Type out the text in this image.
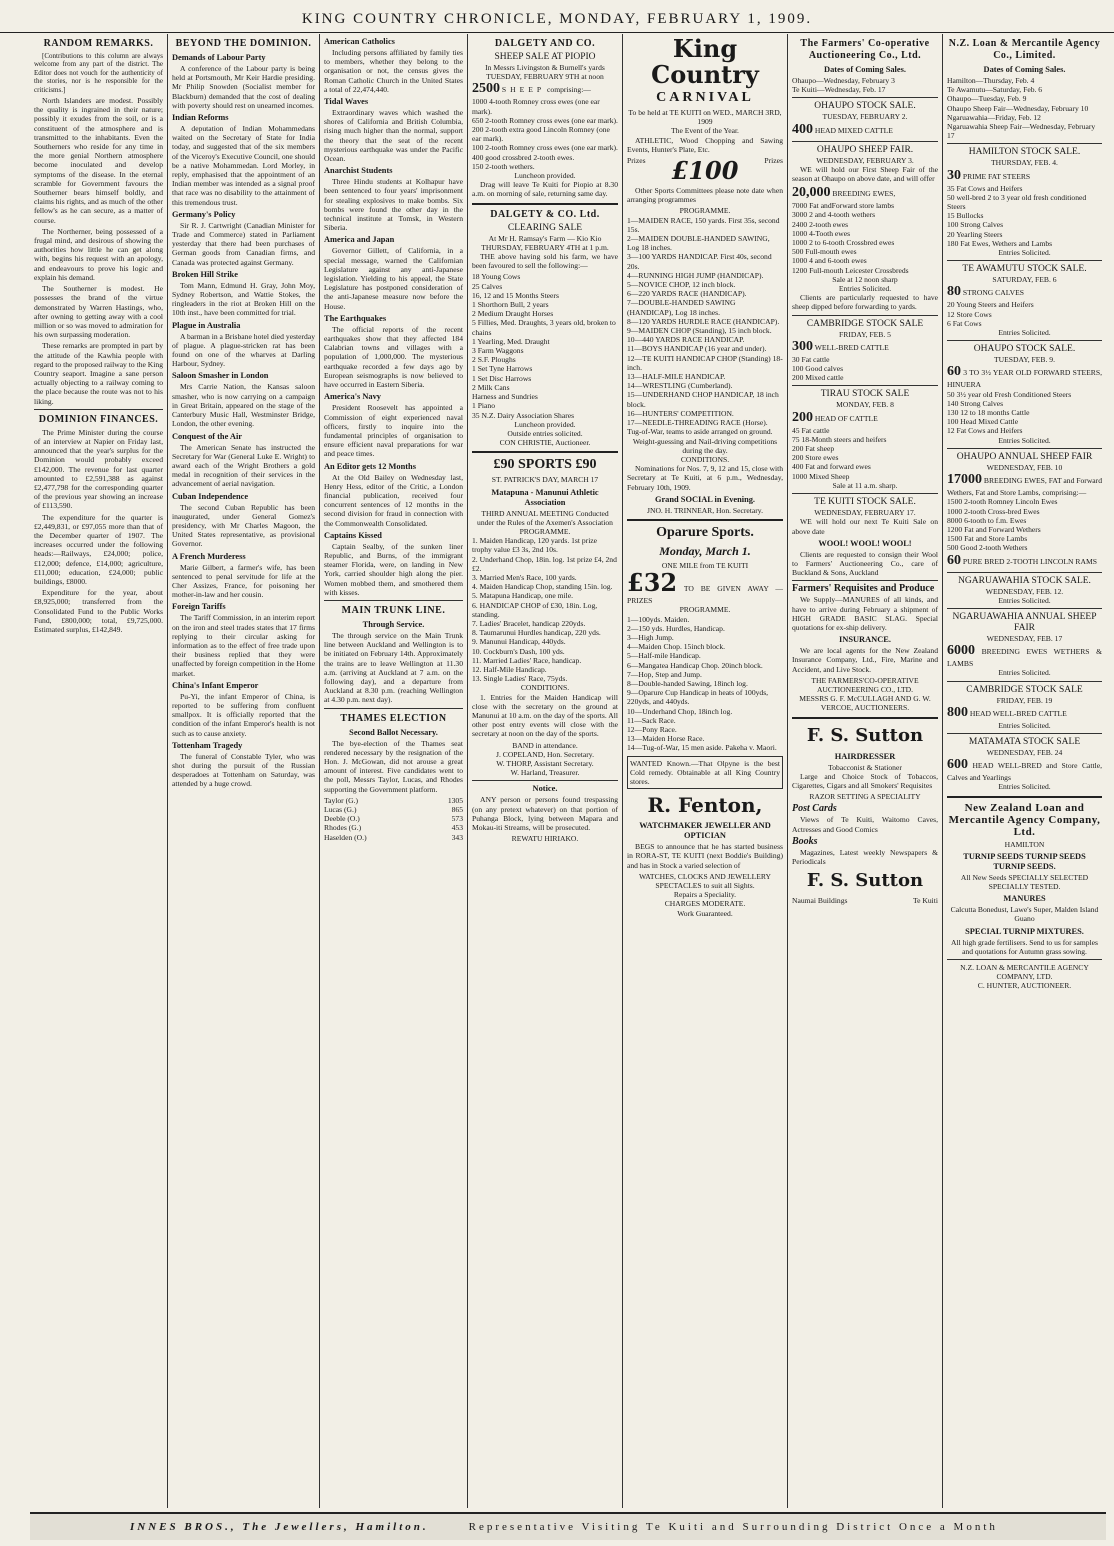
KING COUNTRY CHRONICLE, MONDAY, FEBRUARY 1, 1909.
RANDOM REMARKS.

[Contributions to this column are always welcome from any part of the district. The Editor does not vouch for the authenticity of the stories, nor is he responsible for the criticisms.]

North Islanders are modest. Possibly the quality is ingrained in their nature; possibly it exudes from the soil, or is a constituent of the atmosphere and is transmitted to the inhabitants. Even the Southerners who reside for any time in the more genial Northern atmosphere become inoculated and develop symptoms of the disease. In the eternal scramble for Government favours the Southerner bears himself boldly, and claims his rights, and as much of the other fellow's as he can secure, as a matter of course.

The Northerner, being possessed of a frugal mind, and desirous of showing the authorities how little he can get along with, begins his request with an apology, and endeavours to prove his logic and explain his demand.

The Southerner is modest. He possesses the brand of the virtue demonstrated by Warren Hastings, who, after owning to getting away with a cool million or so was moved to admiration for his own surpassing moderation.

These remarks are prompted in part by the attitude of the Kawhia people with regard to the proposed railway to the King Country seaport. Imagine a sane person actually objecting to a railway coming to the place because the route was not to his liking.

DOMINION FINANCES.

The Prime Minister during the course of an interview at Napier on Friday last, announced that the year's surplus for the Dominion would probably exceed £142,000. The revenue for last quarter amounted to £2,591,388 as against £2,477,798 for the corresponding quarter of the previous year showing an increase of £113,590.

The expenditure for the quarter is £2,449,831, or £97,055 more than that of the December quarter of 1907. The increases occurred under the following heads:—Railways, £24,000; police, £12,000; defence, £14,000; agriculture, £11,000; education, £24,000; public buildings, £8000.

Expenditure for the year, about £8,925,000; transferred from the Consolidated Fund to the Public Works Fund, £800,000; total, £9,725,000. Estimated surplus, £142,849.

BEYOND THE DOMINION.
Demands of Labour Party

A conference of the Labour party is being held at Portsmouth, Mr Keir Hardie presiding. Mr Philip Snowden (Socialist member for Blackburn) demanded that the cost of dealing with poverty should rest on unearned incomes.

Indian Reforms

A deputation of Indian Mohammedans waited on the Secretary of State for India today, and suggested that of the six members of the Viceroy's Executive Council, one should be a native Mohammedan. Lord Morley, in reply, emphasised that the appointment of an Indian member was intended as a signal proof that race was no disability to the attainment of this tremendous trust.

Germany's Policy

Sir R. J. Cartwright (Canadian Minister for Trade and Commerce) stated in Parliament yesterday that there had been purchases of German goods from Canadian firms, and Canada was protected against Germany.

Broken Hill Strike

Tom Mann, Edmund H. Gray, John Moy, Sydney Robertson, and Wattie Stokes, the ringleaders in the riot at Broken Hill on the 10th inst., have been committed for trial.

Plague in Australia

A barman in a Brisbane hotel died yesterday of plague. A plague-stricken rat has been found on one of the wharves at Darling Harbour, Sydney.

Saloon Smasher in London

Mrs Carrie Nation, the Kansas saloon smasher, who is now carrying on a campaign in Great Britain, appeared on the stage of the Canterbury Music Hall, Westminster Bridge, London, the other evening.

Conquest of the Air

The American Senate has instructed the Secretary for War (General Luke E. Wright) to award each of the Wright Brothers a gold medal in recognition of their services in the advancement of aerial navigation.

Cuban Independence

The second Cuban Republic has been inaugurated, under General Gomez's presidency, with Mr Charles Magoon, the United States representative, as provisional Governor.

A French Murderess

Marie Gilbert, a farmer's wife, has been sentenced to penal servitude for life at the Cher Assizes, France, for poisoning her mother-in-law and her cousin.

Foreign Tariffs

The Tariff Commission, in an interim report on the iron and steel trades states that 17 firms replying to their circular asking for information as to the effect of free trade upon their business replied that they were unaffected by foreign competition in the Home market.

China's Infant Emperor

Pu-Yi, the infant Emperor of China, is reported to be suffering from confluent smallpox. It is officially reported that the condition of the infant Emperor's health is not such as to cause anxiety.

Tottenham Tragedy

The funeral of Constable Tyler, who was shot during the pursuit of the Russian desperadoes at Tottenham on Saturday, was attended by a huge crowd.

American Catholics

Including persons affiliated by family ties to members, whether they belong to the organisation or not, the census gives the Roman Catholic Church in the United States a total of 22,474,440.

Tidal Waves

Extraordinary waves which washed the shores of California and British Columbia, rising much higher than the normal, support the theory that the seat of the recent mysterious earthquake was under the Pacific Ocean.

Anarchist Students

Three Hindu students at Kolhapur have been sentenced to four years' imprisonment for stealing explosives to make bombs. Six bombs were found the other day in the technical institute at Tomsk, in Western Siberia.

America and Japan

Governor Gillett, of California, in a special message, warned the Californian Legislature against any anti-Japanese legislation. Yielding to his appeal, the State Legislature has postponed consideration of the anti-Japanese measure now before the House.

The Earthquakes

The official reports of the recent earthquakes show that they affected 184 Calabrian towns and villages with a population of 1,000,000. The mysterious earthquake recorded a few days ago by European seismographs is now believed to have occurred in Eastern Siberia.

America's Navy

President Roosevelt has appointed a Commission of eight experienced naval officers, firstly to inquire into the fundamental principles of organisation to ensure efficient naval preparations for war and peace times.

An Editor gets 12 Months

At the Old Bailey on Wednesday last, Henry Hess, editor of the Critic, a London financial publication, received four concurrent sentences of 12 months in the second division for fraud in connection with the Commonwealth Consolidated.

Captains Kissed

Captain Sealby, of the sunken liner Republic, and Burns, of the immigrant steamer Florida, were, on landing in New York, carried shoulder high along the pier. Women mobbed them, and smothered them with kisses.

MAIN TRUNK LINE.
Through Service.

The through service on the Main Trunk line between Auckland and Wellington is to be initiated on February 14th. Approximately the trains are to leave Wellington at 11.30 a.m. (arriving at Auckland at 7 a.m. on the following day), and a departure from Auckland at 8.30 p.m. (reaching Wellington at 4.30 p.m. next day).

THAMES ELECTION
Second Ballot Necessary.

The bye-election of the Thames seat rendered necessary by the resignation of the Hon. J. McGowan, did not arouse a great amount of interest. Five candidates went to the poll, Messrs Taylor, Lucas, and Rhodes supporting the Government platform.

Taylor (G.)	1305
Lucas (G.)	865
Deeble (O.)	573
Rhodes (G.)	453
Haselden (O.)	343
DALGETY AND CO.
SHEEP SALE AT PIOPIO
In Messrs Livingston & Burnell's yards
TUESDAY, FEBRUARY 9TH at noon
2500 SHEEP comprising:—
1000 4-tooth Romney cross ewes (one ear mark).
650 2-tooth Romney cross ewes (one ear mark).
200 2-tooth extra good Lincoln Romney (one ear mark).
100 2-tooth Romney cross ewes (one ear mark).
400 good crossbred 2-tooth ewes.
150 2-tooth wethers.
Luncheon provided.

Drag will leave Te Kuiti for Piopio at 8.30 a.m. on morning of sale, returning same day.

DALGETY & CO. Ltd.
CLEARING SALE
At Mr H. Ramsay's Farm — Kio Kio
THURSDAY, FEBRUARY 4TH at 1 p.m.

THE above having sold his farm, we have been favoured to sell the following:—

18 Young Cows
25 Calves
16, 12 and 15 Months Steers
1 Shorthorn Bull, 2 years
2 Medium Draught Horses
5 Fillies, Med. Draughts, 3 years old, broken to chains
1 Yearling, Med. Draught
3 Farm Waggons
2 S.F. Ploughs
1 Set Tyne Harrows
1 Set Disc Harrows
2 Milk Cans
Harness and Sundries
1 Piano
35 N.Z. Dairy Association Shares
Luncheon provided.
Outside entries solicited.
CON CHRISTIE, Auctioneer.
£90 SPORTS £90
ST. PATRICK'S DAY, MARCH 17
Matapuna - Manunui Athletic Association
THIRD ANNUAL MEETING Conducted under the Rules of the Axemen's Association
PROGRAMME.
1. Maiden Handicap, 120 yards. 1st prize trophy value £3 3s, 2nd 10s.
2. Underhand Chop, 18in. log. 1st prize £4, 2nd £2.
3. Married Men's Race, 100 yards.
4. Maiden Handicap Chop, standing 15in. log.
5. Matapuna Handicap, one mile.
6. HANDICAP CHOP of £30, 18in. Log, standing.
7. Ladies' Bracelet, handicap 220yds.
8. Taumarunui Hurdles handicap, 220 yds.
9. Manunui Handicap, 440yds.
10. Cockburn's Dash, 100 yds.
11. Married Ladies' Race, handicap.
12. Half-Mile Handicap.
13. Single Ladies' Race, 75yds.
CONDITIONS.

1. Entries for the Maiden Handicap will close with the secretary on the ground at Manunui at 10 a.m. on the day of the sports. All other post entry events will close with the secretary at noon on the day of the sports.

BAND in attendance.
J. COPELAND, Hon. Secretary.
W. THORP, Assistant Secretary.
W. Harland, Treasurer.
Notice.

ANY person or persons found trespassing (on any pretext whatever) on that portion of Puhanga Block, lying between Mapara and Mokau-iti Streams, will be prosecuted.

REWATU HIRIAKO.
King Country
CARNIVAL
To be held at TE KUITI on WED., MARCH 3RD, 1909
The Event of the Year.

ATHLETIC, Wood Chopping and Sawing Events, Hunter's Plate, Etc.

Prizes £100	Prizes

Other Sports Committees please note date when arranging programmes

PROGRAMME.
1—MAIDEN RACE, 150 yards. First 35s, second 15s.
2—MAIDEN DOUBLE-HANDED SAWING, Log 18 inches.
3—100 YARDS HANDICAP. First 40s, second 20s.
4—RUNNING HIGH JUMP (HANDICAP).
5—NOVICE CHOP, 12 inch block.
6—220 YARDS RACE (HANDICAP).
7—DOUBLE-HANDED SAWING (HANDICAP), Log 18 inches.
8—120 YARDS HURDLE RACE (HANDICAP).
9—MAIDEN CHOP (Standing), 15 inch block.
10—440 YARDS RACE HANDICAP.
11—BOYS HANDICAP (16 year and under).
12—TE KUITI HANDICAP CHOP (Standing) 18-inch.
13—HALF-MILE HANDICAP.
14—WRESTLING (Cumberland).
15—UNDERHAND CHOP HANDICAP, 18 inch block.
16—HUNTERS' COMPETITION.
17—NEEDLE-THREADING RACE (Horse).
Tug-of-War, teams to aside arranged on ground.
Weight-guessing and Nail-driving competitions during the day.
CONDITIONS.

Nominations for Nos. 7, 9, 12 and 15, close with Secretary at Te Kuiti, at 6 p.m., Wednesday, February 10th, 1909.

Grand SOCIAL in Evening.
JNO. H. TRINNEAR, Hon. Secretary.
Oparure Sports.
Monday, March 1.
ONE MILE from TE KUITI
£32 TO BE GIVEN AWAY — PRIZES
PROGRAMME.
1—100yds. Maiden.
2—150 yds. Hurdles, Handicap.
3—High Jump.
4—Maiden Chop. 15inch block.
5—Half-mile Handicap.
6—Mangatea Handicap Chop. 20inch block.
7—Hop, Step and Jump.
8—Double-handed Sawing, 18inch log.
9—Oparure Cup Handicap in heats of 100yds, 220yds, and 440yds.
10—Underhand Chop, 18inch log.
11—Sack Race.
12—Pony Race.
13—Maiden Horse Race.
14—Tug-of-War, 15 men aside. Pakeha v. Maori.
WANTED Known.—That Olpyne is the best Cold remedy. Obtainable at all King Country stores.
R. Fenton,
WATCHMAKER JEWELLER AND OPTICIAN

BEGS to announce that he has started business in RORA-ST, TE KUITI (next Boddie's Building) and has in Stock a varied selection of

WATCHES, CLOCKS AND JEWELLERY
SPECTACLES to suit all Sights.
Repairs a Speciality.
CHARGES MODERATE.
Work Guaranteed.
The Farmers' Co-operative Auctioneering Co., Ltd.
Dates of Coming Sales.
Ohaupo—Wednesday, February 3
Te Kuiti—Wednesday, Feb. 17
OHAUPO STOCK SALE.
TUESDAY, FEBRUARY 2.
400 HEAD MIXED CATTLE
OHAUPO SHEEP FAIR.
WEDNESDAY, FEBRUARY 3.

WE will hold our First Sheep Fair of the season at Ohaupo on above date, and will offer

20,000 BREEDING EWES,
7000 Fat andForward store lambs
3000 2 and 4-tooth wethers
2400 2-tooth ewes
1000 4-Tooth ewes
1000 2 to 6-tooth Crossbred ewes
500 Full-mouth ewes
1000 4 and 6-tooth ewes
1200 Full-mouth Leicester Crossbreds
Sale at 12 noon sharp
Entries Solicited.

Clients are particularly requested to have sheep dipped before forwarding to yards.

CAMBRIDGE STOCK SALE
FRIDAY, FEB. 5
300 WELL-BRED CATTLE
30 Fat cattle
100 Good calves
200 Mixed cattle
TIRAU STOCK SALE
MONDAY, FEB. 8
200 HEAD OF CATTLE
45 Fat cattle
75 18-Month steers and heifers
200 Fat sheep
200 Store ewes
400 Fat and forward ewes
1000 Mixed Sheep
Sale at 11 a.m. sharp.
TE KUITI STOCK SALE.
WEDNESDAY, FEBRUARY 17.

WE will hold our next Te Kuiti Sale on above date

WOOL! WOOL! WOOL!

Clients are requested to consign their Wool to Farmers' Auctioneering Co., care of Buckland & Sons, Auckland

Farmers' Requisites and Produce

We Supply—MANURES of all kinds, and have to arrive during February a shipment of HIGH GRADE BASIC SLAG. Special quotations for ex-ship delivery.

INSURANCE.

We are local agents for the New Zealand Insurance Company, Ltd., Fire, Marine and Accident, and Live Stock.

THE FARMERS'CO-OPERATIVE AUCTIONEERING CO., LTD.
MESSRS G. F. McCULLAGH AND G. W. VERCOE, AUCTIONEERS.
F. S. Sutton
HAIRDRESSER
Tobacconist & Stationer

Large and Choice Stock of Tobaccos, Cigarettes, Cigars and all Smokers' Requisites

RAZOR SETTING A SPECIALITY
Post Cards

Views of Te Kuiti, Waitomo Caves, Actresses and Good Comics

Books

Magazines, Latest weekly Newspapers & Periodicals

F. S. Sutton
Naumai Buildings	Te Kuiti
N.Z. Loan & Mercantile Agency Co., Limited.
Dates of Coming Sales.
Hamilton—Thursday, Feb. 4
Te Awamutu—Saturday, Feb. 6
Ohaupo—Tuesday, Feb. 9
Ohaupo Sheep Fair—Wednesday, February 10
Ngaruawahia—Friday, Feb. 12
Ngaruawahia Sheep Fair—Wednesday, February 17
HAMILTON STOCK SALE.
THURSDAY, FEB. 4.
30 PRIME FAT STEERS
35 Fat Cows and Heifers
50 well-bred 2 to 3 year old fresh conditioned Steers
15 Bullocks
100 Strong Calves
20 Yearling Steers
180 Fat Ewes, Wethers and Lambs
Entries Solicited.
TE AWAMUTU STOCK SALE.
SATURDAY, FEB. 6
80 STRONG CALVES
20 Young Steers and Heifers
12 Store Cows
6 Fat Cows
Entries Solicited.
OHAUPO STOCK SALE.
TUESDAY, FEB. 9.
60 3 TO 3½ YEAR OLD FORWARD STEERS, HINUERA
50 3½ year old Fresh Conditioned Steers
140 Strong Calves
130 12 to 18 months Cattle
100 Head Mixed Cattle
12 Fat Cows and Heifers
Entries Solicited.
OHAUPO ANNUAL SHEEP FAIR
WEDNESDAY, FEB. 10
17000 BREEDING EWES, FAT and Forward Wethers, Fat and Store Lambs, comprising:—
1500 2-tooth Romney Lincoln Ewes
1000 2-tooth Cross-bred Ewes
8000 6-tooth to f.m. Ewes
1200 Fat and Forward Wethers
1500 Fat and Store Lambs
500 Good 2-tooth Wethers
60 PURE BRED 2-TOOTH LINCOLN RAMS
NGARUAWAHIA STOCK SALE.
WEDNESDAY, FEB. 12.
Entries Solicited.
NGARUAWAHIA ANNUAL SHEEP FAIR
WEDNESDAY, FEB. 17
6000 BREEDING EWES WETHERS & LAMBS
Entries Solicited.
CAMBRIDGE STOCK SALE
FRIDAY, FEB. 19
800 HEAD WELL-BRED CATTLE
Entries Solicited.
MATAMATA STOCK SALE
WEDNESDAY, FEB. 24
600 HEAD WELL-BRED and Store Cattle, Calves and Yearlings
Entries Solicited.
New Zealand Loan and Mercantile Agency Company, Ltd.
HAMILTON
TURNIP SEEDS TURNIP SEEDS TURNIP SEEDS.
All New Seeds SPECIALLY SELECTED SPECIALLY TESTED.
MANURES
Calcutta Bonedust, Lawe's Super, Malden Island Guano
SPECIAL TURNIP MIXTURES.
All high grade fertilisers. Send to us for samples and quotations for Autumn grass sowing.
N.Z. LOAN & MERCANTILE AGENCY COMPANY, LTD.
C. HUNTER, AUCTIONEER.
INNES BROS., The Jewellers, Hamilton.	Representative Visiting Te Kuiti and Surrounding District Once a Month
